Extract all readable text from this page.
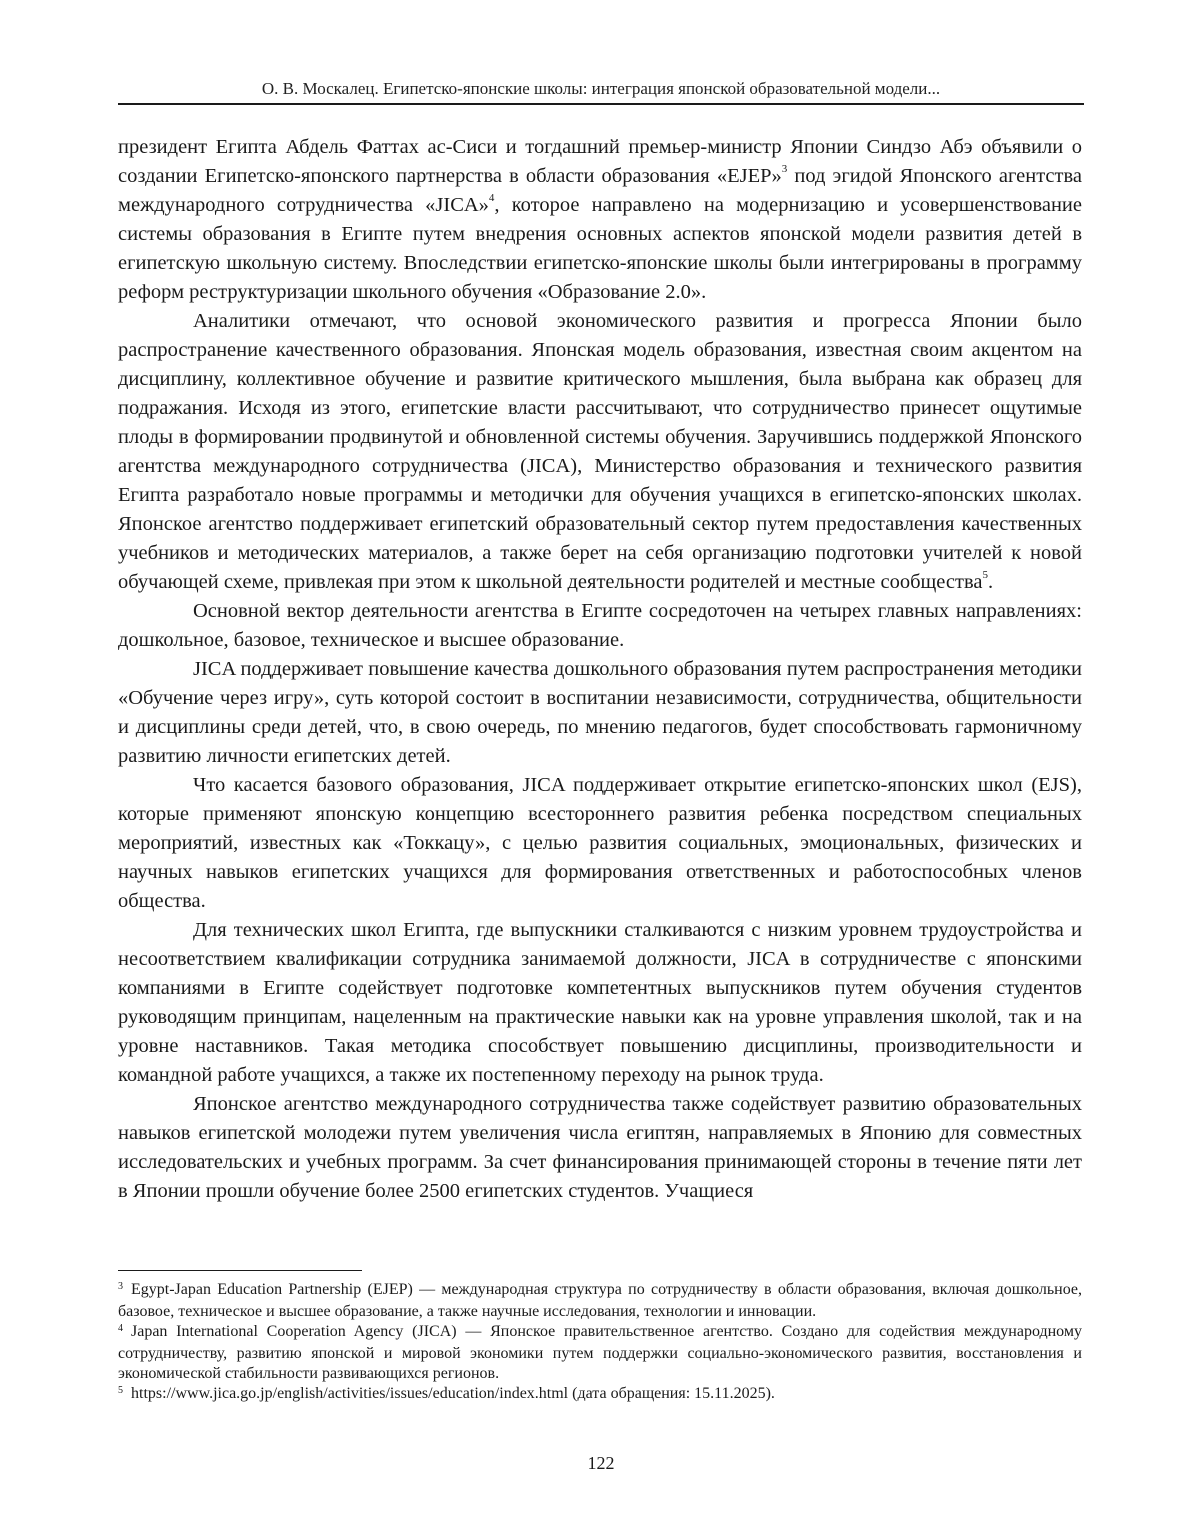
О. В. Москалец. Египетско-японские школы: интеграция японской образовательной модели...

президент Египта Абдель Фаттах ас-Сиси и тогдашний премьер-министр Японии Синдзо Абэ объявили о создании Египетско-японского партнерства в области образования «EJEP»$^3$ под эгидой Японского агентства международного сотрудничества «JICA»$^4$, которое направлено на модернизацию и усовершенствование системы образования в Египте путем внедрения основных аспектов японской модели развития детей в египетскую школьную систему. Впоследствии египетско-японские школы были интегрированы в программу реформ реструктуризации школьного обучения «Образование 2.0».

Аналитики отмечают, что основой экономического развития и прогресса Японии было распространение качественного образования. Японская модель образования, известная своим акцентом на дисциплину, коллективное обучение и развитие критического мышления, была выбрана как образец для подражания. Исходя из этого, египетские власти рассчитывают, что сотрудничество принесет ощутимые плоды в формировании продвинутой и обновленной системы обучения. Заручившись поддержкой Японского агентства международного сотрудничества (JICA), Министерство образования и технического развития Египта разработало новые программы и методички для обучения учащихся в египетско-японских школах. Японское агентство поддерживает египетский образовательный сектор путем предоставления качественных учебников и методических материалов, а также берет на себя организацию подготовки учителей к новой обучающей схеме, привлекая при этом к школьной деятельности родителей и местные сообщества$^5$.

Основной вектор деятельности агентства в Египте сосредоточен на четырех главных направлениях: дошкольное, базовое, техническое и высшее образование.

JICA поддерживает повышение качества дошкольного образования путем распространения методики «Обучение через игру», суть которой состоит в воспитании независимости, сотрудничества, общительности и дисциплины среди детей, что, в свою очередь, по мнению педагогов, будет способствовать гармоничному развитию личности египетских детей.

Что касается базового образования, JICA поддерживает открытие египетско-японских школ (EJS), которые применяют японскую концепцию всестороннего развития ребенка посредством специальных мероприятий, известных как «Токкацу», с целью развития социальных, эмоциональных, физических и научных навыков египетских учащихся для формирования ответственных и работоспособных членов общества.

Для технических школ Египта, где выпускники сталкиваются с низким уровнем трудоустройства и несоответствием квалификации сотрудника занимаемой должности, JICA в сотрудничестве с японскими компаниями в Египте содействует подготовке компетентных выпускников путем обучения студентов руководящим принципам, нацеленным на практические навыки как на уровне управления школой, так и на уровне наставников. Такая методика способствует повышению дисциплины, производительности и командной работе учащихся, а также их постепенному переходу на рынок труда.

Японское агентство международного сотрудничества также содействует развитию образовательных навыков египетской молодежи путем увеличения числа египтян, направляемых в Японию для совместных исследовательских и учебных программ. За счет финансирования принимающей стороны в течение пяти лет в Японии прошли обучение более 2500 египетских студентов. Учащиеся

$^3$ Egypt-Japan Education Partnership (EJEP) — международная структура по сотрудничеству в области образования, включая дошкольное, базовое, техническое и высшее образование, а также научные исследования, технологии и инновации.

$^4$ Japan International Cooperation Agency (JICA) — Японское правительственное агентство. Создано для содействия международному сотрудничеству, развитию японской и мировой экономики путем поддержки социально-экономического развития, восстановления и экономической стабильности развивающихся регионов.

$^5$ https://www.jica.go.jp/english/activities/issues/education/index.html (дата обращения: 15.11.2025).

122
